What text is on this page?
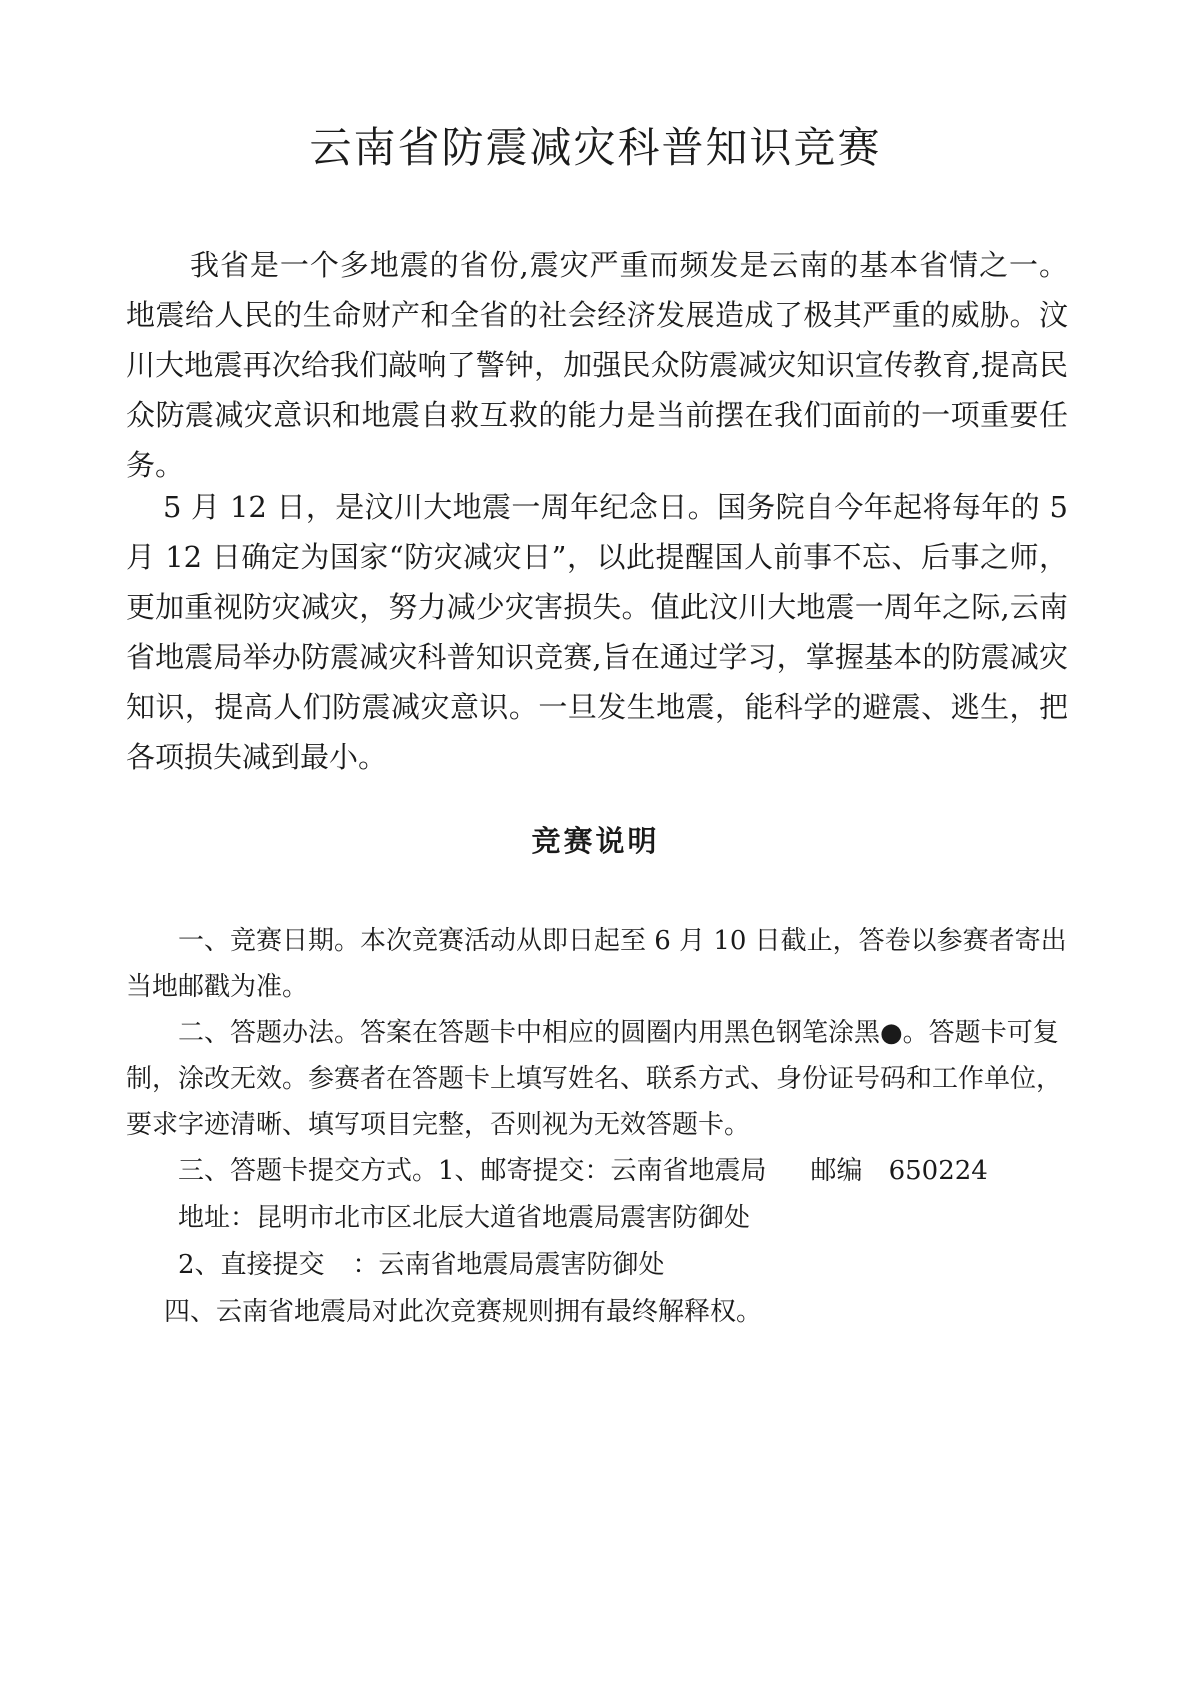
云南省防震减灾科普知识竞赛

我省是一个多地震的省份,震灾严重而频发是云南的基本省情之一。地震给人民的生命财产和全省的社会经济发展造成了极其严重的威胁。汶川大地震再次给我们敲响了警钟，加强民众防震减灾知识宣传教育,提高民众防震减灾意识和地震自救互救的能力是当前摆在我们面前的一项重要任务。

5 月 12 日，是汶川大地震一周年纪念日。国务院自今年起将每年的 5 月 12 日确定为国家“防灾减灾日”，以此提醒国人前事不忘、后事之师，更加重视防灾减灾，努力减少灾害损失。值此汶川大地震一周年之际,云南省地震局举办防震减灾科普知识竞赛,旨在通过学习，掌握基本的防震减灾知识，提高人们防震减灾意识。一旦发生地震，能科学的避震、逃生，把各项损失减到最小。

竞赛说明

一、竞赛日期。本次竞赛活动从即日起至 6 月 10 日截止，答卷以参赛者寄出当地邮戳为准。

二、答题办法。答案在答题卡中相应的圆圈内用黑色钢笔涂黑●。答题卡可复制，涂改无效。参赛者在答题卡上填写姓名、联系方式、身份证号码和工作单位，要求字迹清晰、填写项目完整，否则视为无效答题卡。

三、答题卡提交方式。1、邮寄提交：云南省地震局 邮编 650224

地址：昆明市北市区北辰大道省地震局震害防御处

2、直接提交 ：云南省地震局震害防御处

四、云南省地震局对此次竞赛规则拥有最终解释权。
